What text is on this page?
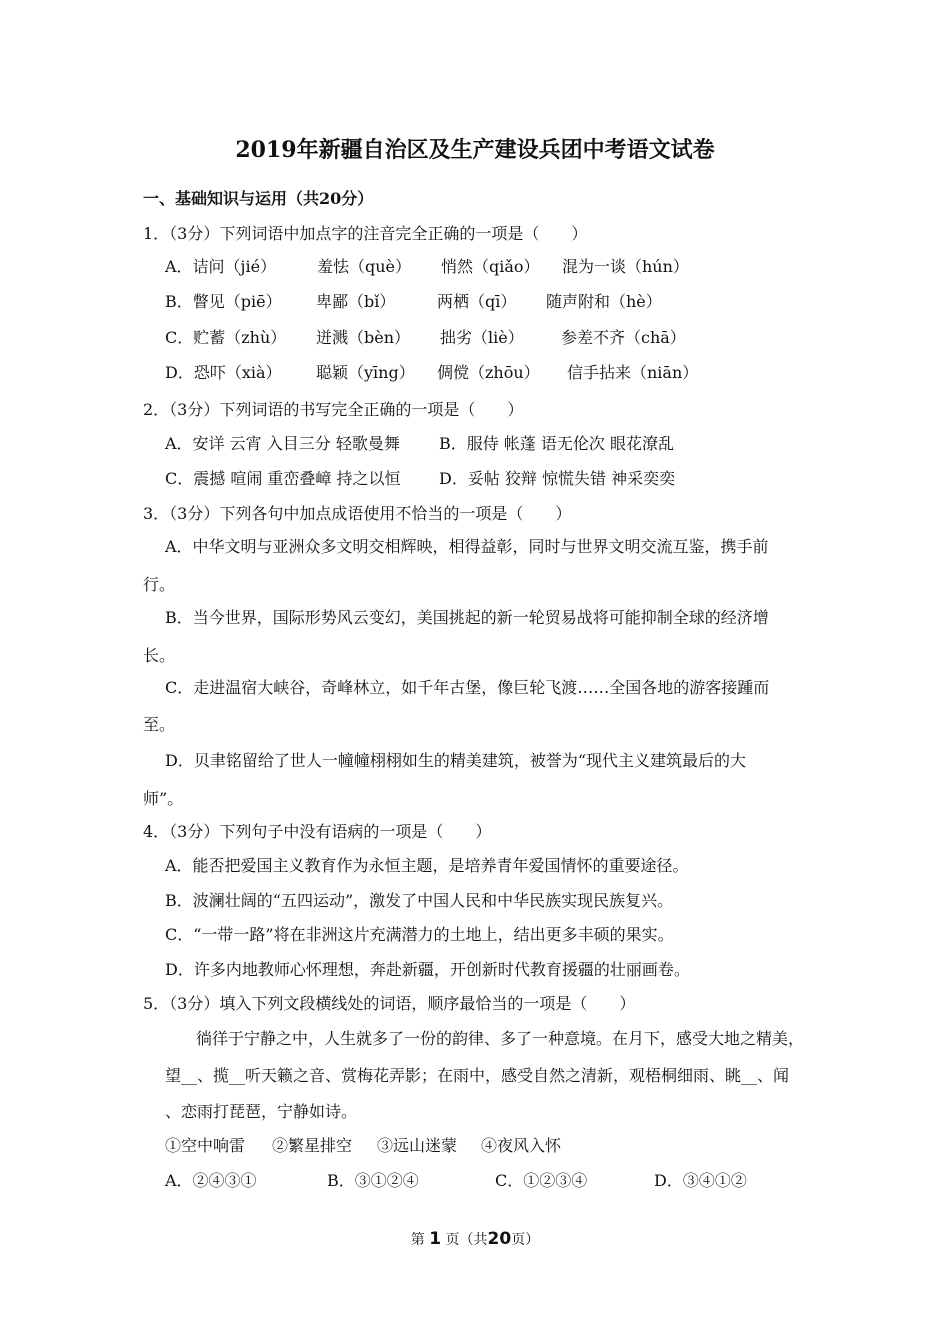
2019年新疆自治区及生产建设兵团中考语文试卷
一、基础知识与运用（共20分）
1．（3分）下列词语中加点字的注音完全正确的一项是（　　）
A．诘问（jié）	羞怯（què） 悄然（qiǎo） 混为一谈（hún）
B．瞥见（piē） 卑鄙（bǐ）	两栖（qī） 随声附和（hè）
C．贮蓄（zhù） 迸溅（bèn） 拙劣（liè） 参差不齐（chā）
D．恐吓（xià） 聪颖（yīng） 倜傥（zhōu） 信手拈来（niān）
2．（3分）下列词语的书写完全正确的一项是（　　）
A．安详 云宵 入目三分 轻歌曼舞 B．服侍 帐蓬 语无伦次 眼花潦乱
C．震撼 喧闹 重峦叠嶂 持之以恒 D．妥帖 狡辩 惊慌失错 神采奕奕
3．（3分）下列各句中加点成语使用不恰当的一项是（　　）
A．中华文明与亚洲众多文明交相辉映，相得益彰，同时与世界文明交流互鉴，携手前
行。
B．当今世界，国际形势风云变幻，美国挑起的新一轮贸易战将可能抑制全球的经济增
长。
C．走进温宿大峡谷，奇峰林立，如千年古堡，像巨轮飞渡……全国各地的游客接踵而
至。
D．贝聿铭留给了世人一幢幢栩栩如生的精美建筑，被誉为“现代主义建筑最后的大
师”。
4．（3分）下列句子中没有语病的一项是（　　）
A．能否把爱国主义教育作为永恒主题，是培养青年爱国情怀的重要途径。
B．波澜壮阔的“五四运动”，激发了中国人民和中华民族实现民族复兴。
C．“一带一路”将在非洲这片充满潜力的土地上，结出更多丰硕的果实。
D．许多内地教师心怀理想，奔赴新疆，开创新时代教育援疆的壮丽画卷。
5．（3分）填入下列文段横线处的词语，顺序最恰当的一项是（　　）
徜徉于宁静之中，人生就多了一份的韵律、多了一种意境。在月下，感受大地之精美，
望__、揽__听天籁之音、赏梅花弄影；在雨中，感受自然之清新，观梧桐细雨、眺__、闻
、恋雨打琵琶，宁静如诗。
①空中响雷 ②繁星排空 ③远山迷蒙 ④夜风入怀
A．②④③①	B．③①②④	C．①②③④	D．③④①②
第 1 页（共20页）
